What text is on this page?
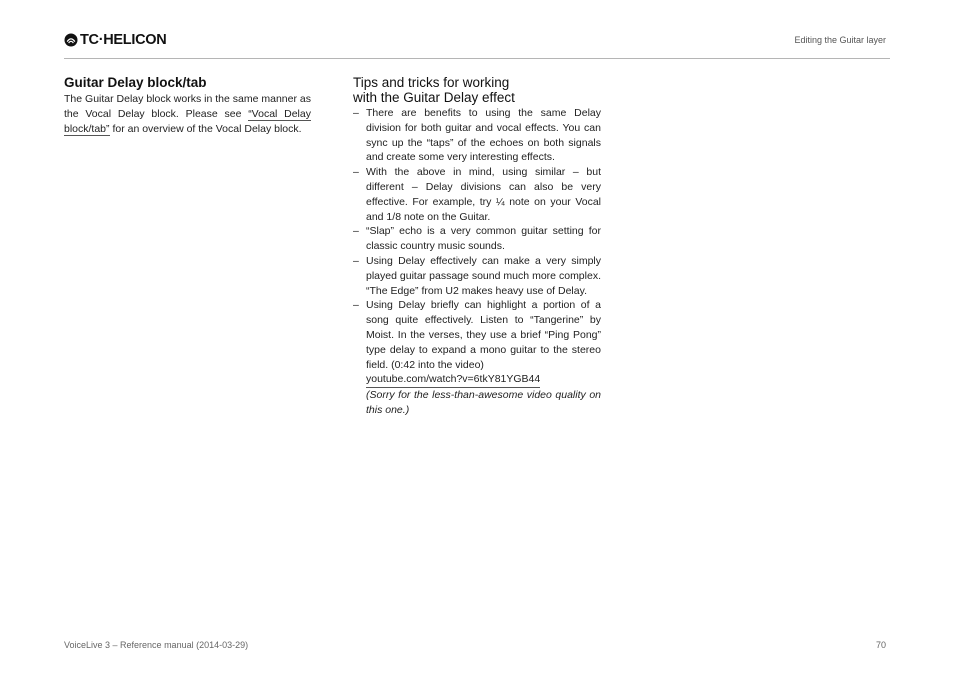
TC·HELICON	Editing the Guitar layer
Guitar Delay block/tab

The Guitar Delay block works in the same manner as the Vocal Delay block. Please see “Vocal Delay block/tab” for an overview of the Vocal Delay block.

Tips and tricks for working
with the Guitar Delay effect
– There are benefits to using the same Delay division for both guitar and vocal effects. You can sync up the “taps” of the echoes on both signals and create some very interesting effects.
– With the above in mind, using similar – but different – Delay divisions can also be very effective. For example, try ¼ note on your Vocal and 1/8 note on the Guitar.
– “Slap” echo is a very common guitar setting for classic country music sounds.
– Using Delay effectively can make a very simply played guitar passage sound much more complex. “The Edge” from U2 makes heavy use of Delay.
– Using Delay briefly can highlight a portion of a song quite effectively. Listen to “Tangerine” by Moist. In the verses, they use a brief “Ping Pong” type delay to expand a mono guitar to the stereo field. (0:42 into the video)
youtube.com/watch?v=6tkY81YGB44
(Sorry for the less-than-awesome video quality on this one.)
VoiceLive 3 – Reference manual (2014-03-29)	70
